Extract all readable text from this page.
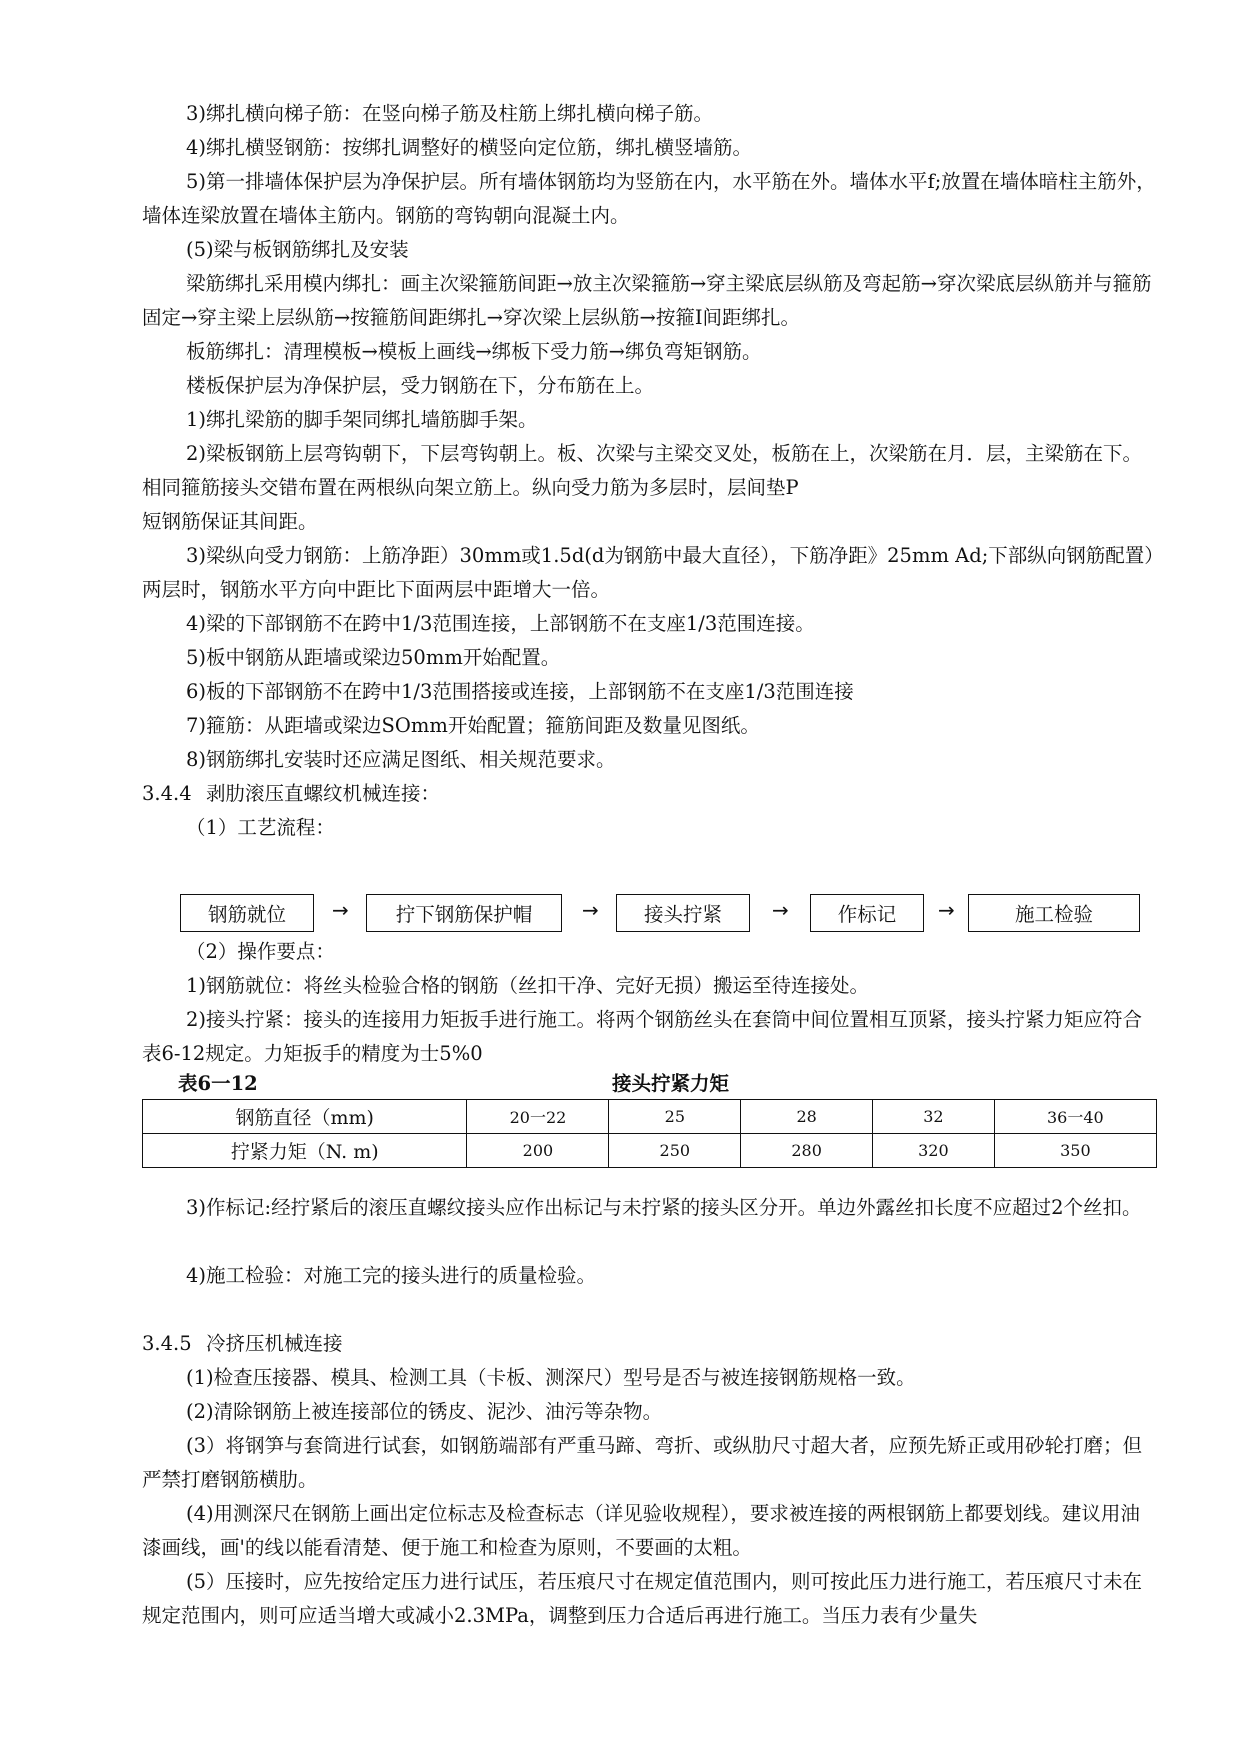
3)绑扎横向梯子筋：在竖向梯子筋及柱筋上绑扎横向梯子筋。
4)绑扎横竖钢筋：按绑扎调整好的横竖向定位筋，绑扎横竖墙筋。
5)第一排墙体保护层为净保护层。所有墙体钢筋均为竖筋在内，水平筋在外。墙体水平f;放置在墙体暗柱主筋外，墙体连梁放置在墙体主筋内。钢筋的弯钩朝向混凝土内。
(5)梁与板钢筋绑扎及安装
梁筋绑扎采用模内绑扎：画主次梁箍筋间距→放主次梁箍筋→穿主梁底层纵筋及弯起筋→穿次梁底层纵筋并与箍筋固定→穿主梁上层纵筋→按箍筋间距绑扎→穿次梁上层纵筋→按箍I间距绑扎。
板筋绑扎：清理模板→模板上画线→绑板下受力筋→绑负弯矩钢筋。
楼板保护层为净保护层，受力钢筋在下，分布筋在上。
1)绑扎梁筋的脚手架同绑扎墙筋脚手架。
2)梁板钢筋上层弯钩朝下，下层弯钩朝上。板、次梁与主梁交叉处，板筋在上，次梁筋在月．层，主梁筋在下。相同箍筋接头交错布置在两根纵向架立筋上。纵向受力筋为多层时，层间垫P
短钢筋保证其间距。
3)梁纵向受力钢筋：上筋净距）30mm或1.5d(d为钢筋中最大直径），下筋净距》25mm Ad;下部纵向钢筋配置）两层时，钢筋水平方向中距比下面两层中距增大一倍。
4)梁的下部钢筋不在跨中1/3范围连接，上部钢筋不在支座1/3范围连接。
5)板中钢筋从距墙或梁边50mm开始配置。
6)板的下部钢筋不在跨中1/3范围搭接或连接，上部钢筋不在支座1/3范围连接
7)箍筋：从距墙或梁边SOmm开始配置；箍筋间距及数量见图纸。
8)钢筋绑扎安装时还应满足图纸、相关规范要求。
3.4.4 剥肋滚压直螺纹机械连接：
（1）工艺流程：
钢筋就位	→	拧下钢筋保护帽	→	接头拧紧	→	作标记	→	施工检验
（2）操作要点：
1)钢筋就位：将丝头检验合格的钢筋（丝扣干净、完好无损）搬运至待连接处。
2)接头拧紧：接头的连接用力矩扳手进行施工。将两个钢筋丝头在套筒中间位置相互顶紧，接头拧紧力矩应符合表6-12规定。力矩扳手的精度为士5%0
表6一12	接头拧紧力矩
钢筋直径（mm)	20一22	25	28	32	36一40
拧紧力矩（N. m)	200	250	280	320	350
3)作标记:经拧紧后的滚压直螺纹接头应作出标记与未拧紧的接头区分开。单边外露丝扣长度不应超过2个丝扣。
4)施工检验：对施工完的接头进行的质量检验。
3.4.5 冷挤压机械连接
(1)检查压接器、模具、检测工具（卡板、测深尺）型号是否与被连接钢筋规格一致。
(2)清除钢筋上被连接部位的锈皮、泥沙、油污等杂物。
(3）将钢笋与套筒进行试套，如钢筋端部有严重马蹄、弯折、或纵肋尺寸超大者，应预先矫正或用砂轮打磨；但严禁打磨钢筋横肋。
(4)用测深尺在钢筋上画出定位标志及检查标志（详见验收规程），要求被连接的两根钢筋上都要划线。建议用油漆画线，画'的线以能看清楚、便于施工和检查为原则，不要画的太粗。
(5）压接时，应先按给定压力进行试压，若压痕尺寸在规定值范围内，则可按此压力进行施工，若压痕尺寸未在规定范围内，则可应适当增大或减小2.3MPa，调整到压力合适后再进行施工。当压力表有少量失
